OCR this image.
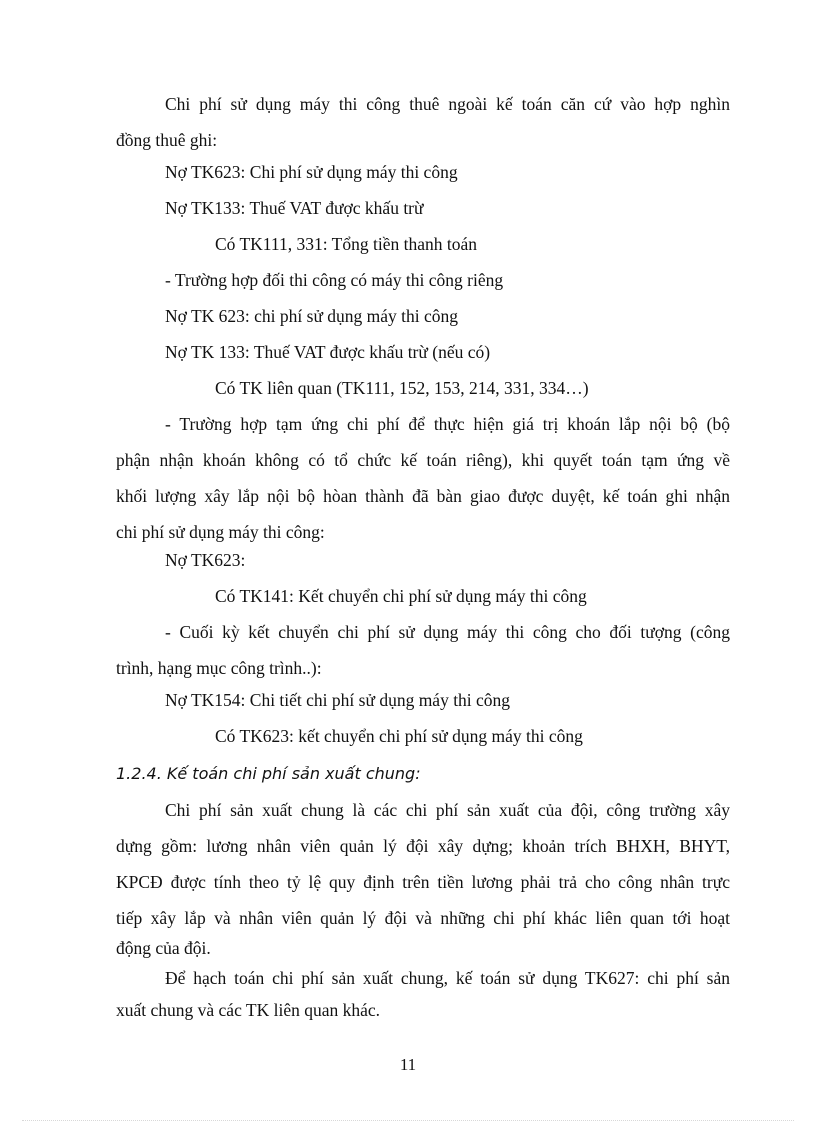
Chi phí sử dụng máy thi công thuê ngoài kế toán căn cứ vào hợp nghìn

đồng thuê ghi:

Nợ TK623: Chi phí sử dụng máy thi công

Nợ TK133: Thuế VAT được khấu trừ

Có TK111, 331: Tổng tiền thanh toán

- Trường hợp đối thi công có máy thi công riêng

Nợ TK 623: chi phí sử dụng máy thi công

Nợ TK 133: Thuế VAT được khấu trừ (nếu có)

Có TK liên quan (TK111, 152, 153, 214, 331, 334…)

- Trường hợp tạm ứng chi phí để thực hiện giá trị khoán lắp nội bộ (bộ

phận nhận khoán không có tổ chức kế toán riêng), khi quyết toán tạm ứng về

khối lượng xây lắp nội bộ hòan thành đã bàn giao được duyệt, kế toán ghi nhận

chi phí sử dụng máy thi công:

Nợ TK623:

Có TK141: Kết chuyển chi phí sử dụng máy thi công

- Cuối kỳ kết chuyển chi phí sử dụng máy thi công cho đối tượng (công

trình, hạng mục công trình..):

Nợ TK154: Chi tiết chi phí sử dụng máy thi công

Có TK623: kết chuyển chi phí sử dụng máy thi công

1.2.4. Kế toán chi phí sản xuất chung:

Chi phí sản xuất chung là các chi phí sản xuất của đội, công trường xây

dựng gồm: lương nhân viên quản lý đội xây dựng; khoản trích BHXH, BHYT,

KPCĐ được tính theo tỷ lệ quy định trên tiền lương phải trả cho công nhân trực

tiếp xây lắp và nhân viên quản lý đội và những chi phí khác liên quan tới hoạt

động của đội.

Để hạch toán chi phí sản xuất chung, kế toán sử dụng TK627: chi phí sản

xuất chung và các TK liên quan khác.

11
